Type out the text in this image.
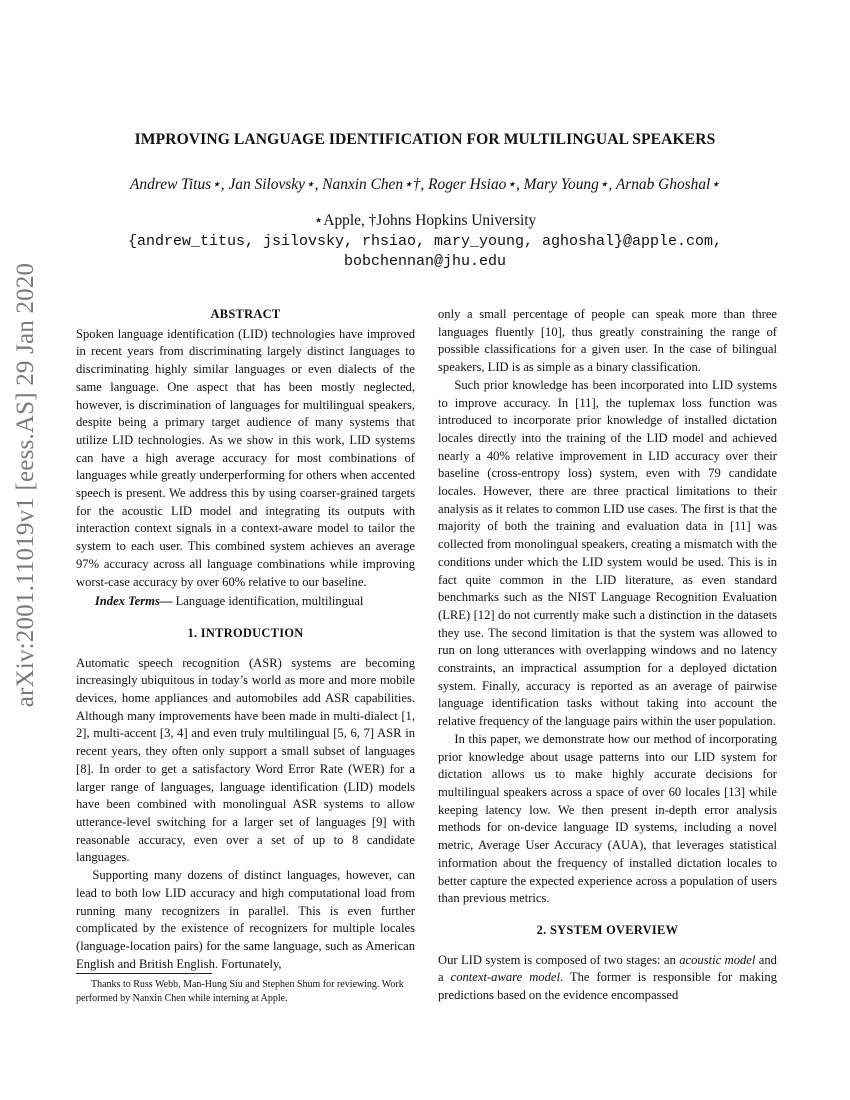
arXiv:2001.11019v1 [eess.AS] 29 Jan 2020
IMPROVING LANGUAGE IDENTIFICATION FOR MULTILINGUAL SPEAKERS
Andrew Titus⋆, Jan Silovsky⋆, Nanxin Chen⋆†, Roger Hsiao⋆, Mary Young⋆, Arnab Ghoshal⋆
⋆Apple, †Johns Hopkins University
{andrew_titus, jsilovsky, rhsiao, mary_young, aghoshal}@apple.com,
bobchennan@jhu.edu
ABSTRACT

Spoken language identification (LID) technologies have improved in recent years from discriminating largely distinct languages to discriminating highly similar languages or even dialects of the same language. One aspect that has been mostly neglected, however, is discrimination of languages for multilingual speakers, despite being a primary target audience of many systems that utilize LID technologies. As we show in this work, LID systems can have a high average accuracy for most combinations of languages while greatly underperforming for others when accented speech is present. We address this by using coarser-grained targets for the acoustic LID model and integrating its outputs with interaction context signals in a context-aware model to tailor the system to each user. This combined system achieves an average 97% accuracy across all language combinations while improving worst-case accuracy by over 60% relative to our baseline.

Index Terms— Language identification, multilingual

1. INTRODUCTION

Automatic speech recognition (ASR) systems are becoming increasingly ubiquitous in today’s world as more and more mobile devices, home appliances and automobiles add ASR capabilities. Although many improvements have been made in multi-dialect [1, 2], multi-accent [3, 4] and even truly multilingual [5, 6, 7] ASR in recent years, they often only support a small subset of languages [8]. In order to get a satisfactory Word Error Rate (WER) for a larger range of languages, language identification (LID) models have been combined with monolingual ASR systems to allow utterance-level switching for a larger set of languages [9] with reasonable accuracy, even over a set of up to 8 candidate languages.

Supporting many dozens of distinct languages, however, can lead to both low LID accuracy and high computational load from running many recognizers in parallel. This is even further complicated by the existence of recognizers for multiple locales (language-location pairs) for the same language, such as American English and British English. Fortunately,

Thanks to Russ Webb, Man-Hung Siu and Stephen Shum for reviewing. Work performed by Nanxin Chen while interning at Apple.

only a small percentage of people can speak more than three languages fluently [10], thus greatly constraining the range of possible classifications for a given user. In the case of bilingual speakers, LID is as simple as a binary classification.

Such prior knowledge has been incorporated into LID systems to improve accuracy. In [11], the tuplemax loss function was introduced to incorporate prior knowledge of installed dictation locales directly into the training of the LID model and achieved nearly a 40% relative improvement in LID accuracy over their baseline (cross-entropy loss) system, even with 79 candidate locales. However, there are three practical limitations to their analysis as it relates to common LID use cases. The first is that the majority of both the training and evaluation data in [11] was collected from monolingual speakers, creating a mismatch with the conditions under which the LID system would be used. This is in fact quite common in the LID literature, as even standard benchmarks such as the NIST Language Recognition Evaluation (LRE) [12] do not currently make such a distinction in the datasets they use. The second limitation is that the system was allowed to run on long utterances with overlapping windows and no latency constraints, an impractical assumption for a deployed dictation system. Finally, accuracy is reported as an average of pairwise language identification tasks without taking into account the relative frequency of the language pairs within the user population.

In this paper, we demonstrate how our method of incorporating prior knowledge about usage patterns into our LID system for dictation allows us to make highly accurate decisions for multilingual speakers across a space of over 60 locales [13] while keeping latency low. We then present in-depth error analysis methods for on-device language ID systems, including a novel metric, Average User Accuracy (AUA), that leverages statistical information about the frequency of installed dictation locales to better capture the expected experience across a population of users than previous metrics.

2. SYSTEM OVERVIEW

Our LID system is composed of two stages: an acoustic model and a context-aware model. The former is responsible for making predictions based on the evidence encompassed
